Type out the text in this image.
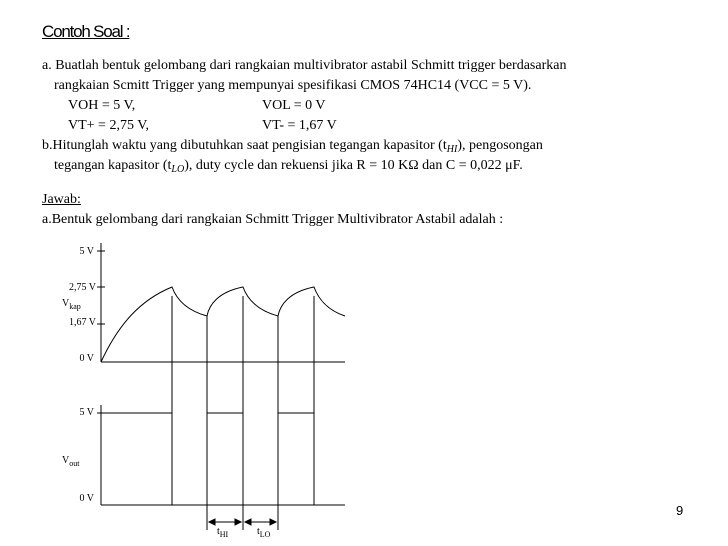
Contoh Soal :
a. Buatlah bentuk gelombang dari rangkaian multivibrator astabil Schmitt trigger berdasarkan
rangkaian Scmitt Trigger yang mempunyai spesifikasi CMOS 74HC14 (VCC = 5 V).
VOH = 5 V,	VOL = 0 V
VT+ = 2,75 V,	VT- = 1,67 V
b.Hitunglah waktu yang dibutuhkan saat pengisian tegangan kapasitor $(t_{HI})$, pengosongan
tegangan kapasitor $(t_{LO})$, duty cycle dan rekuensi jika R = 10 KΩ dan C = 0,022 μF.
Jawab:
a.Bentuk gelombang dari rangkaian Schmitt Trigger Multivibrator Astabil adalah :
5 V
2,75 V
$V_{kap}$
1,67 V
0 V
5 V
$V_{out}$
0 V
$t_{HI}$	$t_{LO}$
9
